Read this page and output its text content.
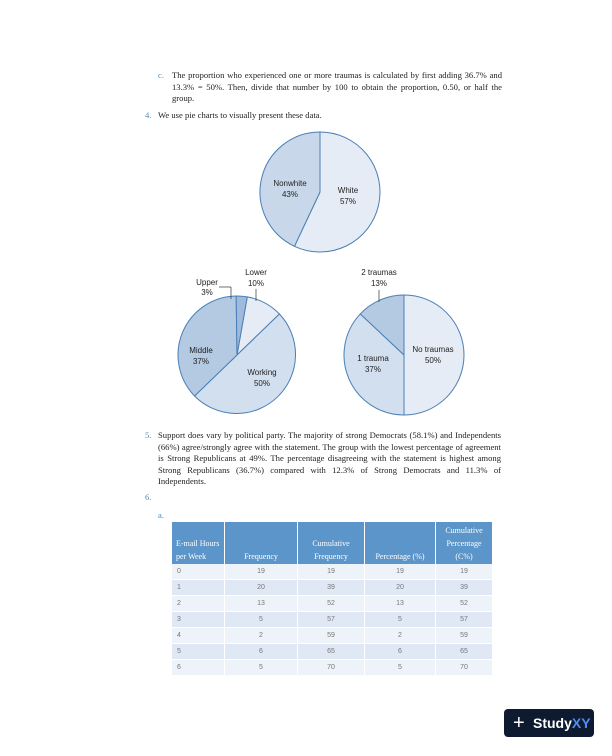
c. The proportion who experienced one or more traumas is calculated by first adding 36.7% and 13.3% = 50%. Then, divide that number by 100 to obtain the proportion, 0.50, or half the group.
4. We use pie charts to visually present these data.
Nonwhite
43%	White
57%
Upper
3%
Lower
10%
Middle
37%
Working
50%
2 traumas
13%
1 trauma
37%
No traumas
50%
5. Support does vary by political party. The majority of strong Democrats (58.1%) and Independents (66%) agree/strongly agree with the statement. The group with the lowest percentage of agreement is Strong Republicans at 49%. The percentage disagreeing with the statement is highest among Strong Republicans (36.7%) compared with 12.3% of Strong Democrats and 11.3% of Independents.
6.
a.
E-mail Hours per Week	Frequency	Cumulative Frequency	Percentage (%)	Cumulative Percentage (C%)
0	19	19	19	19
1	20	39	20	39
2	13	52	13	52
3	5	57	5	57
4	2	59	2	59
5	6	65	6	65
6	5	70	5	70
+ StudyXY
